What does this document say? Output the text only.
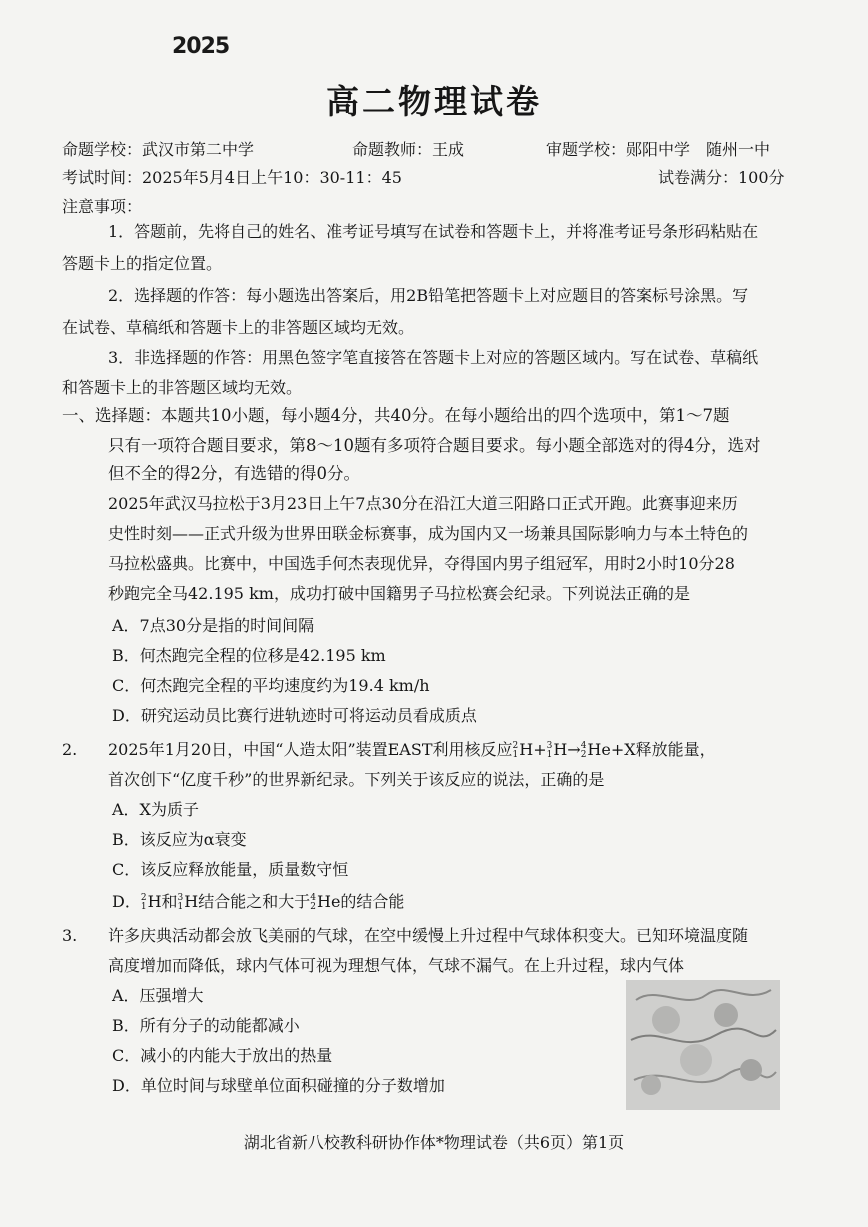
2025
高二物理试卷
命题学校：武汉市第二中学	命题教师：王成	审题学校：郧阳中学　随州一中
考试时间：2025年5月4日上午10：30-11：45	试卷满分：100分
注意事项：
1．答题前，先将自己的姓名、准考证号填写在试卷和答题卡上，并将准考证号条形码粘贴在
答题卡上的指定位置。
2．选择题的作答：每小题选出答案后，用2B铅笔把答题卡上对应题目的答案标号涂黑。写
在试卷、草稿纸和答题卡上的非答题区域均无效。
3．非选择题的作答：用黑色签字笔直接答在答题卡上对应的答题区域内。写在试卷、草稿纸
和答题卡上的非答题区域均无效。
一、选择题：本题共10小题，每小题4分，共40分。在每小题给出的四个选项中，第1～7题
只有一项符合题目要求，第8～10题有多项符合题目要求。每小题全部选对的得4分，选对
但不全的得2分，有选错的得0分。
2025年武汉马拉松于3月23日上午7点30分在沿江大道三阳路口正式开跑。此赛事迎来历
史性时刻——正式升级为世界田联金标赛事，成为国内又一场兼具国际影响力与本土特色的
马拉松盛典。比赛中，中国选手何杰表现优异，夺得国内男子组冠军，用时2小时10分28
秒跑完全马42.195 km，成功打破中国籍男子马拉松赛会纪录。下列说法正确的是
A．7点30分是指的时间间隔
B．何杰跑完全程的位移是42.195 km
C．何杰跑完全程的平均速度约为19.4 km/h
D．研究运动员比赛行进轨迹时可将运动员看成质点
2. 2025年1月20日，中国“人造太阳”装置EAST利用核反应2
1H+3
1H→4
2He+X释放能量，
首次创下“亿度千秒”的世界新纪录。下列关于该反应的说法，正确的是
A．X为质子
B．该反应为α衰变
C．该反应释放能量，质量数守恒
D．2
1H和3
1H结合能之和大于4
2He的结合能
3. 许多庆典活动都会放飞美丽的气球，在空中缓慢上升过程中气球体积变大。已知环境温度随
高度增加而降低，球内气体可视为理想气体，气球不漏气。在上升过程，球内气体
A．压强增大
B．所有分子的动能都减小
C．减小的内能大于放出的热量
D．单位时间与球壁单位面积碰撞的分子数增加
湖北省新八校教科研协作体*物理试卷（共6页）第1页
